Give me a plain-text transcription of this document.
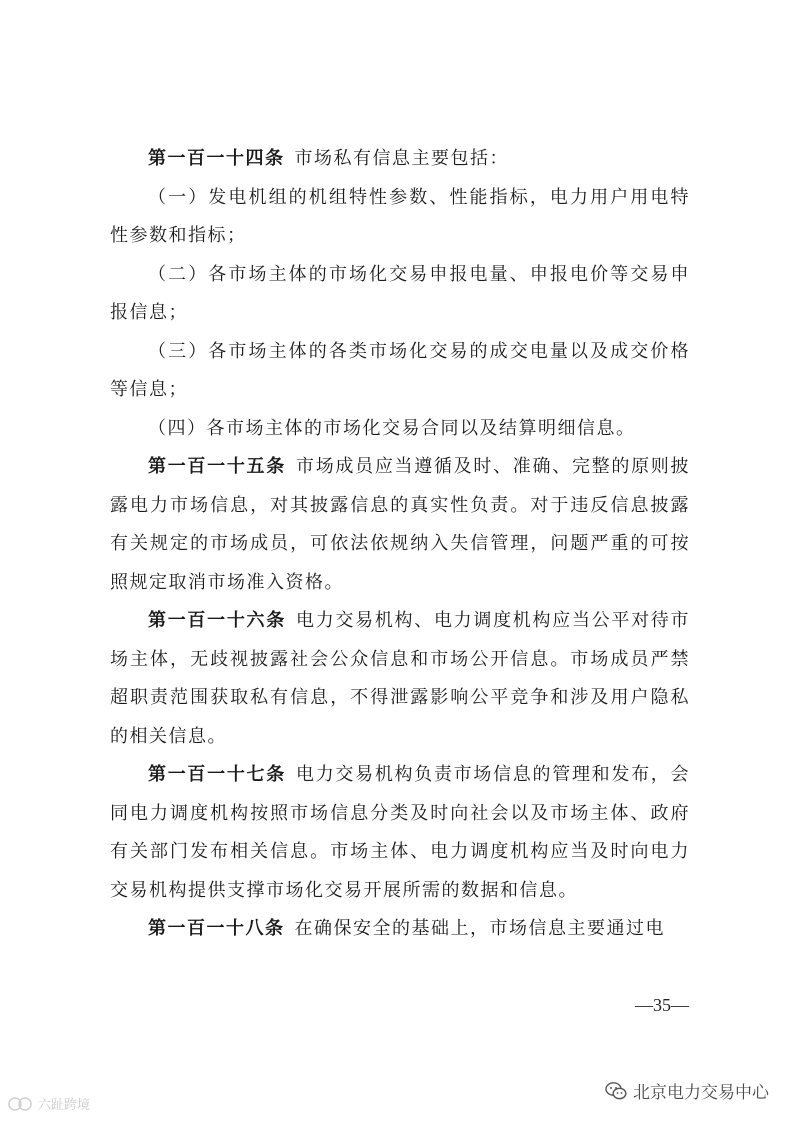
第一百一十四条 市场私有信息主要包括：

（一）发电机组的机组特性参数、性能指标，电力用户用电特性参数和指标；

（二）各市场主体的市场化交易申报电量、申报电价等交易申报信息；

（三）各市场主体的各类市场化交易的成交电量以及成交价格等信息；

（四）各市场主体的市场化交易合同以及结算明细信息。

第一百一十五条 市场成员应当遵循及时、准确、完整的原则披露电力市场信息，对其披露信息的真实性负责。对于违反信息披露有关规定的市场成员，可依法依规纳入失信管理，问题严重的可按照规定取消市场准入资格。

第一百一十六条 电力交易机构、电力调度机构应当公平对待市场主体，无歧视披露社会公众信息和市场公开信息。市场成员严禁超职责范围获取私有信息，不得泄露影响公平竞争和涉及用户隐私的相关信息。

第一百一十七条 电力交易机构负责市场信息的管理和发布，会同电力调度机构按照市场信息分类及时向社会以及市场主体、政府有关部门发布相关信息。市场主体、电力调度机构应当及时向电力交易机构提供支撑市场化交易开展所需的数据和信息。

第一百一十八条 在确保安全的基础上，市场信息主要通过电

—35—
北京电力交易中心
六趾跨境
